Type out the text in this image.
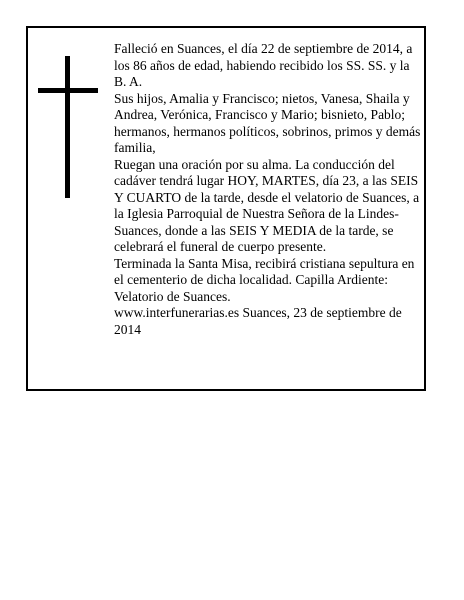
Falleció en Suances, el día 22 de septiembre de 2014, a los 86 años de edad, habiendo recibido los SS. SS. y la B. A.

Sus hijos, Amalia y Francisco; nietos, Vanesa, Shaila y Andrea, Verónica, Francisco y Mario; bisnieto, Pablo; hermanos, hermanos políticos, sobrinos, primos y demás familia,

Ruegan una oración por su alma. La conducción del cadáver tendrá lugar HOY, MARTES, día 23, a las SEIS Y CUARTO de la tarde, desde el velatorio de Suances, a la Iglesia Parroquial de Nuestra Señora de la Lindes-Suances, donde a las SEIS Y MEDIA de la tarde, se celebrará el funeral de cuerpo presente.

Terminada la Santa Misa, recibirá cristiana sepultura en el cementerio de dicha localidad. Capilla Ardiente: Velatorio de Suances.

www.interfunerarias.es Suances, 23 de septiembre de 2014
